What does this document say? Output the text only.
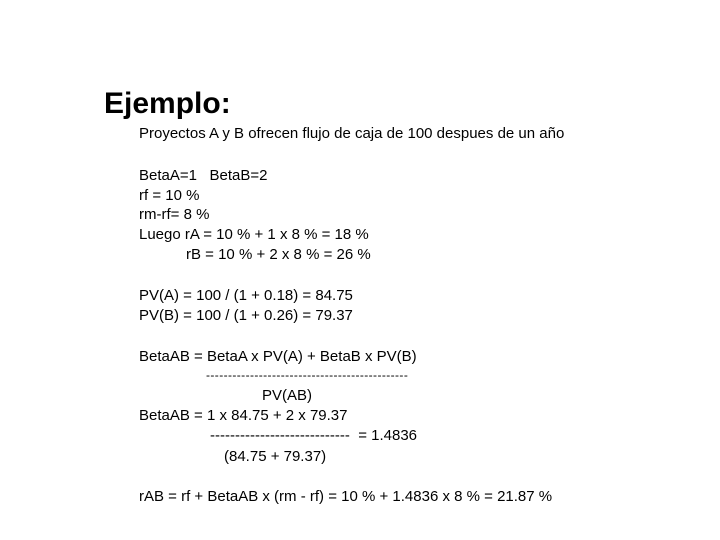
Ejemplo:
Proyectos A y B ofrecen flujo de caja de 100 despues de un año
BetaA=1   BetaB=2
rf = 10 %
rm-rf= 8 %
Luego rA = 10 % + 1 x 8 % = 18 %
rB = 10 % + 2 x 8 % = 26 %
PV(A) = 100 / (1 + 0.18) = 84.75
PV(B) = 100 / (1 + 0.26) = 79.37
BetaAB = BetaA x PV(A) + BetaB x PV(B)
----------------------------------------------
PV(AB)
BetaAB = 1 x 84.75 + 2 x 79.37
----------------------------  = 1.4836
(84.75 + 79.37)
rAB = rf + BetaAB x (rm - rf) = 10 % + 1.4836 x 8 % = 21.87 %
